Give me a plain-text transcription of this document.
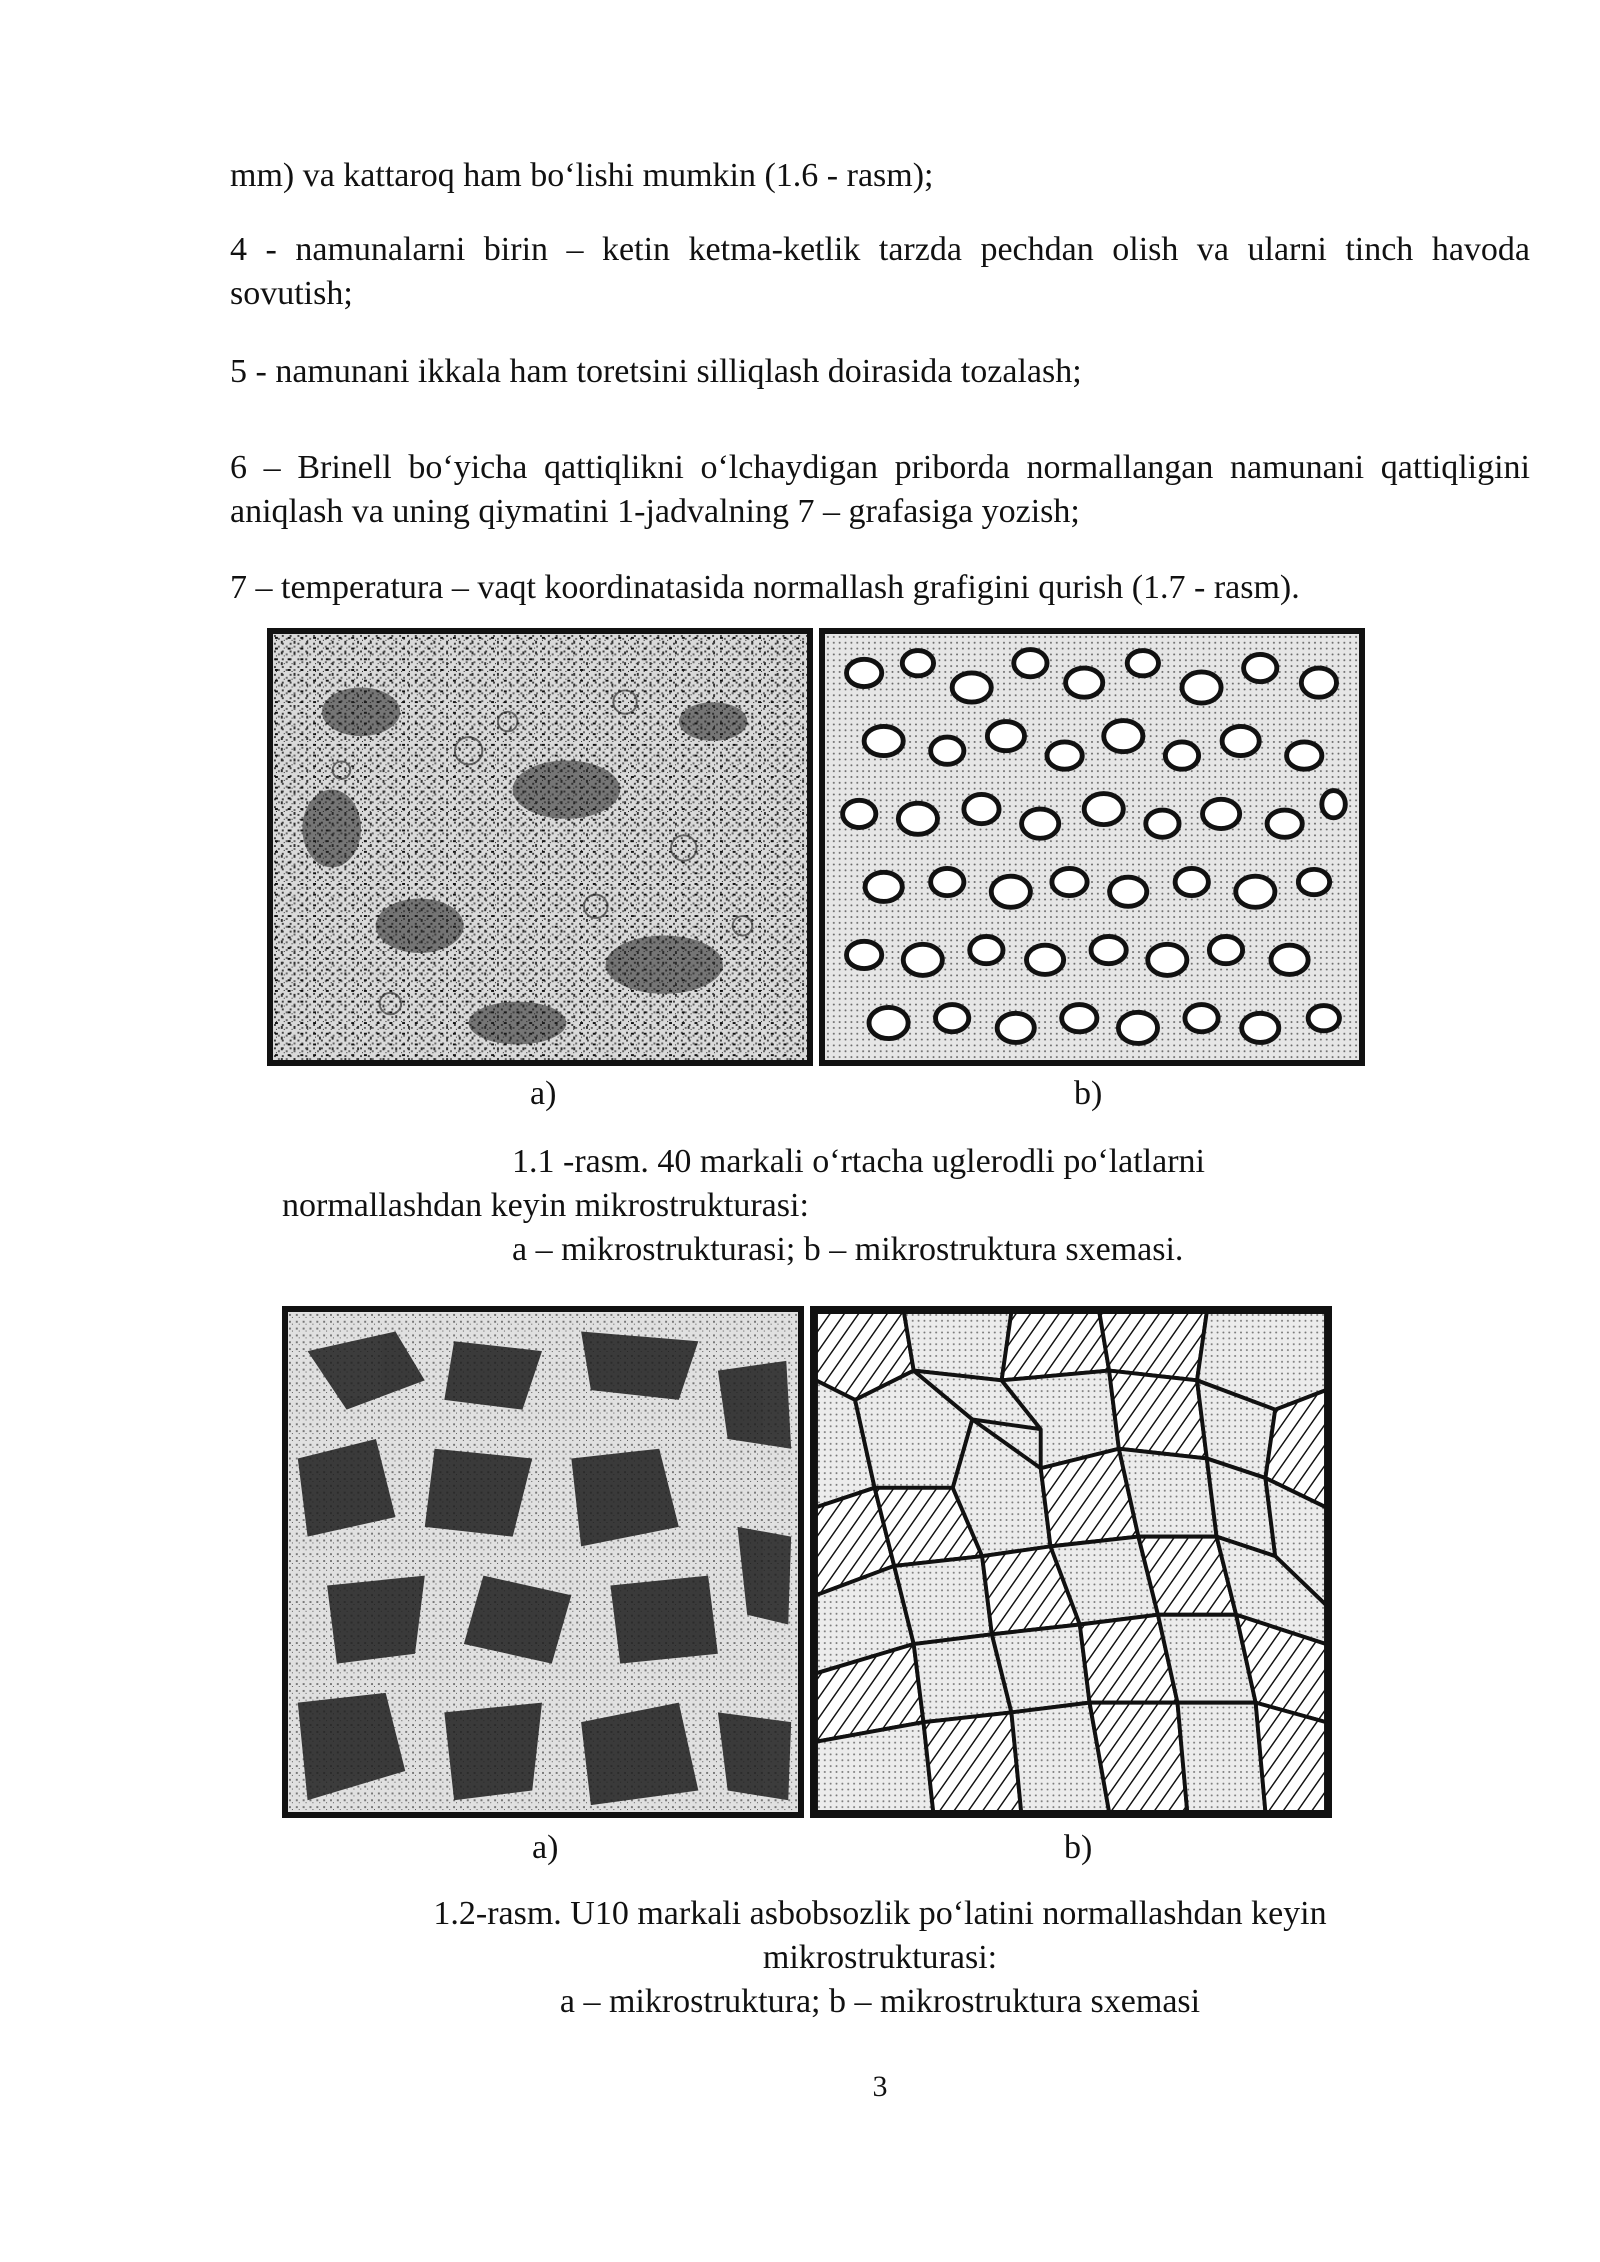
mm) va kattaroq ham bo‘lishi mumkin (1.6 - rasm);

4 - namunalarni birin – ketin ketma-ketlik tarzda pechdan olish va ularni tinch havoda sovutish;

5 - namunani ikkala ham toretsini silliqlash doirasida tozalash;

6 – Brinell bo‘yicha qattiqlikni o‘lchaydigan priborda normallangan namunani qattiqligini aniqlash va uning qiymatini 1-jadvalning 7 – grafasiga yozish;

7 – temperatura – vaqt koordinatasida normallash grafigini qurish (1.7 - rasm).

a)	b)
1.1 -rasm. 40 markali o‘rtacha uglerodli po‘latlarni
normallashdan keyin mikrostrukturasi:
a – mikrostrukturasi; b – mikrostruktura sxemasi.
a)	b)
1.2-rasm. U10 markali asbobsozlik po‘latini normallashdan keyin
mikrostrukturasi:
a – mikrostruktura; b – mikrostruktura sxemasi
3
